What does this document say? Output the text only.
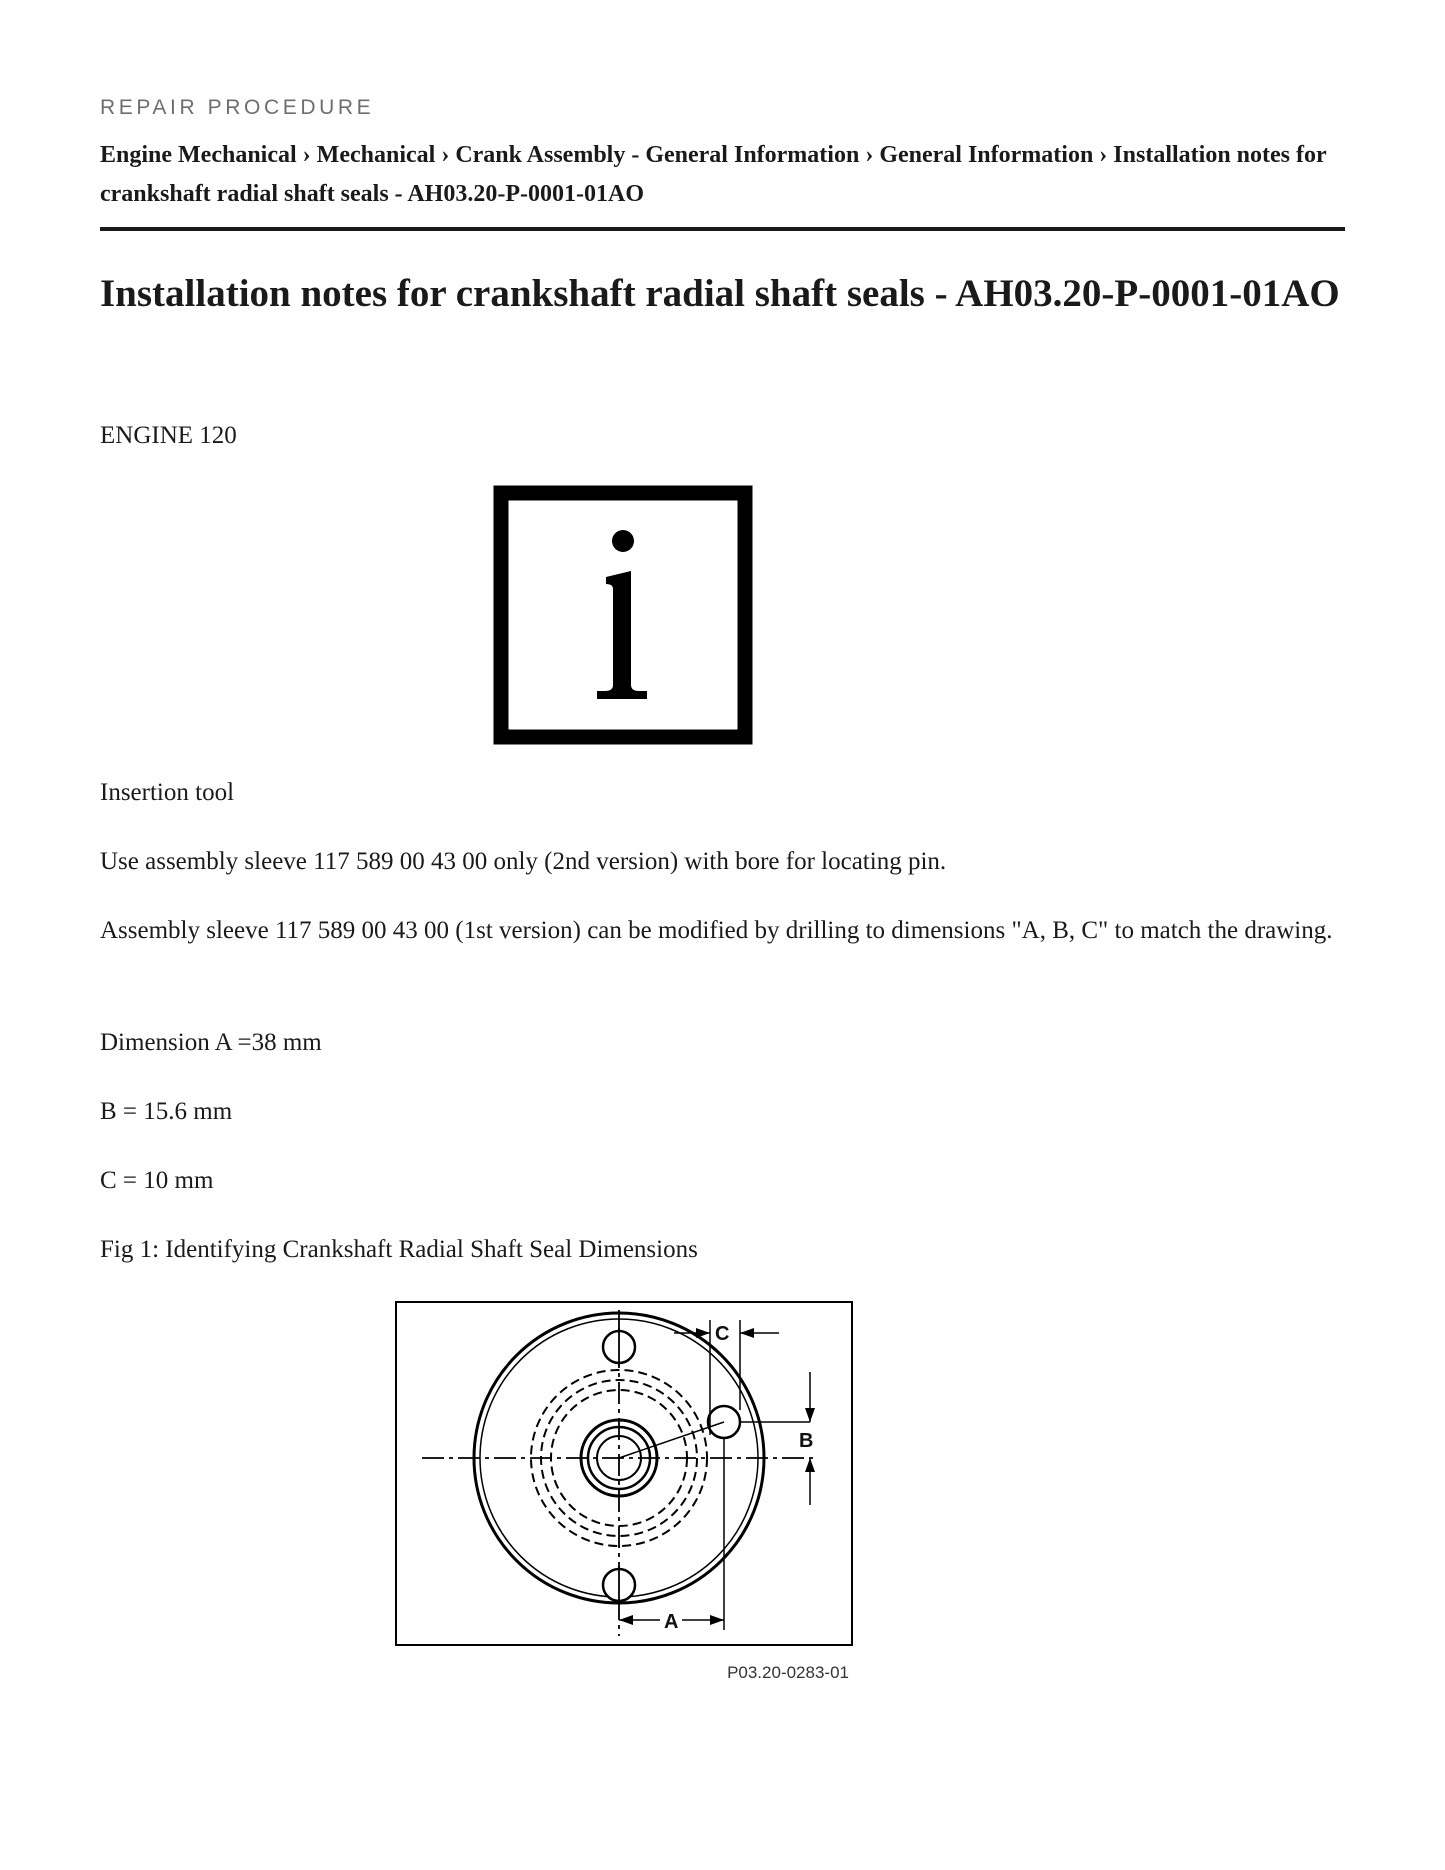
REPAIR PROCEDURE
Engine Mechanical › Mechanical › Crank Assembly - General Information › General Information › Installation notes for crankshaft radial shaft seals - AH03.20-P-0001-01AO
Installation notes for crankshaft radial shaft seals - AH03.20-P-0001-01AO

ENGINE 120

Insertion tool

Use assembly sleeve 117 589 00 43 00 only (2nd version) with bore for locating pin.

Assembly sleeve 117 589 00 43 00 (1st version) can be modified by drilling to dimensions "A, B, C" to match the drawing.

Dimension A =38 mm

B = 15.6 mm

C = 10 mm

Fig 1: Identifying Crankshaft Radial Shaft Seal Dimensions

C
B
A
P03.20-0283-01
